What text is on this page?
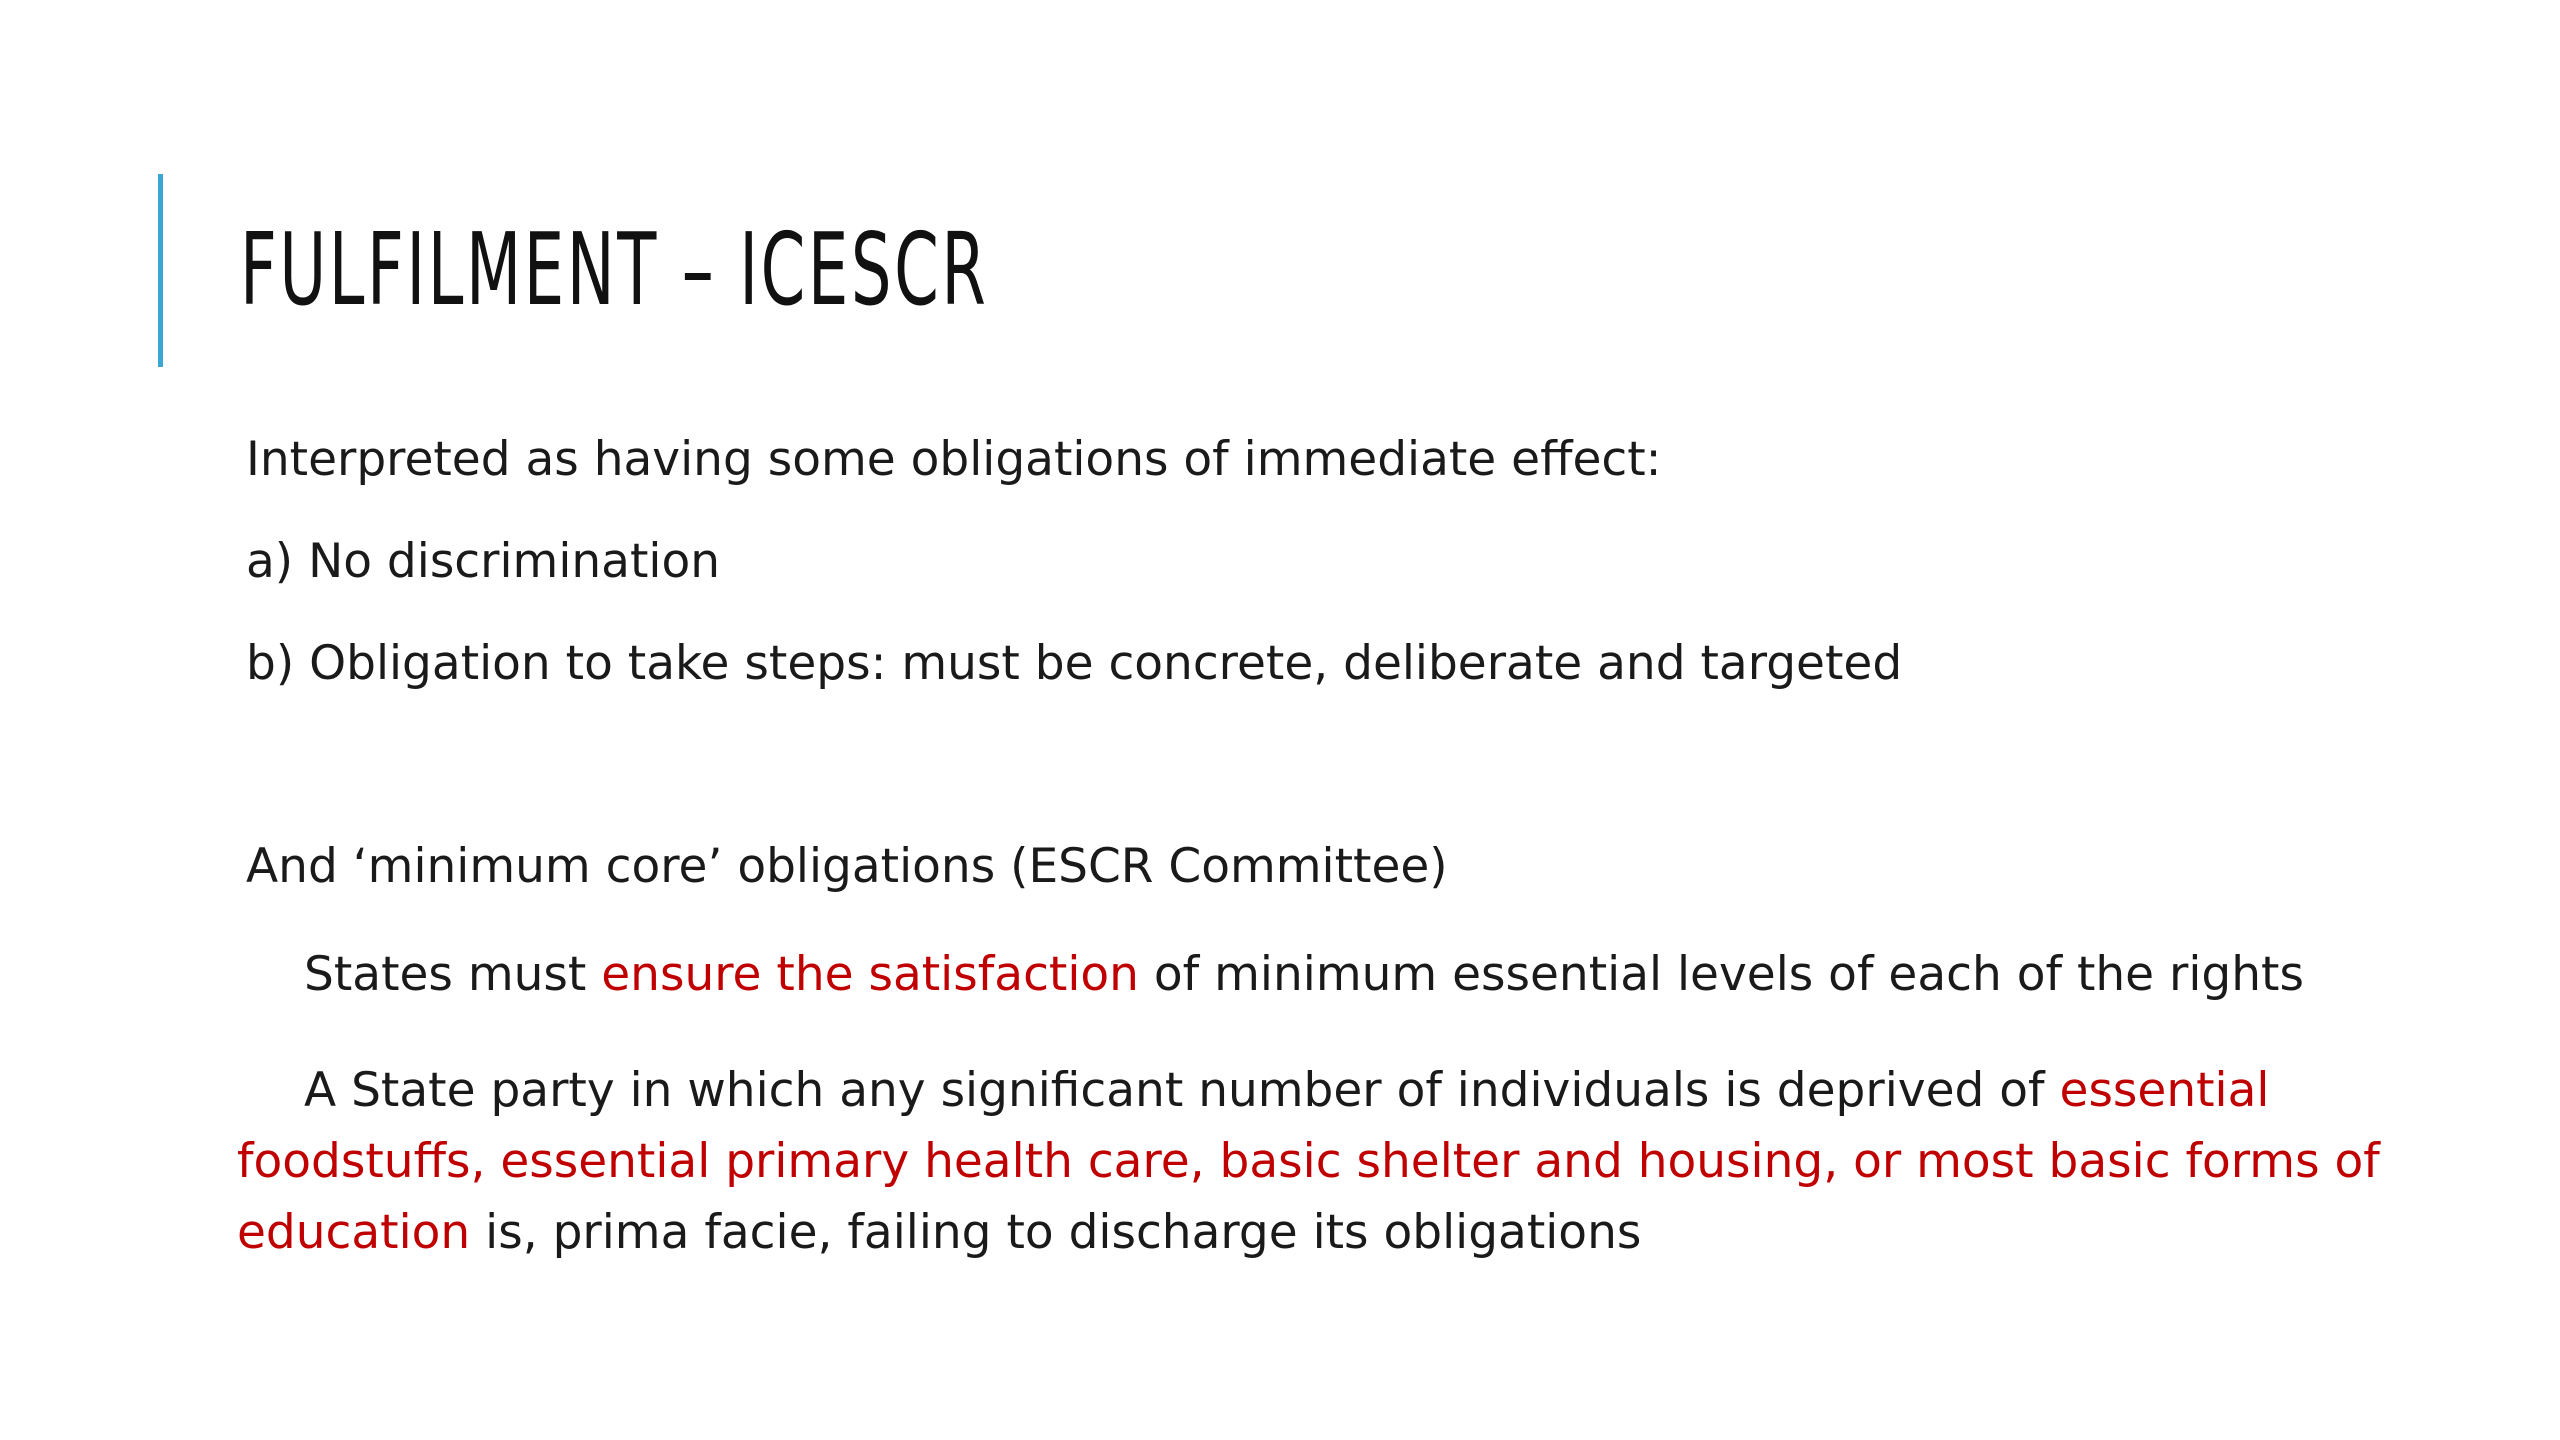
FULFILMENT – ICESCR

Interpreted as having some obligations of immediate effect:

a) No discrimination

b) Obligation to take steps: must be concrete, deliberate and targeted

And ‘minimum core’ obligations (ESCR Committee)

States must ensure the satisfaction of minimum essential levels of each of the rights

A State party in which any significant number of individuals is deprived of essential foodstuffs, essential primary health care, basic shelter and housing, or most basic forms of education is, prima facie, failing to discharge its obligations
